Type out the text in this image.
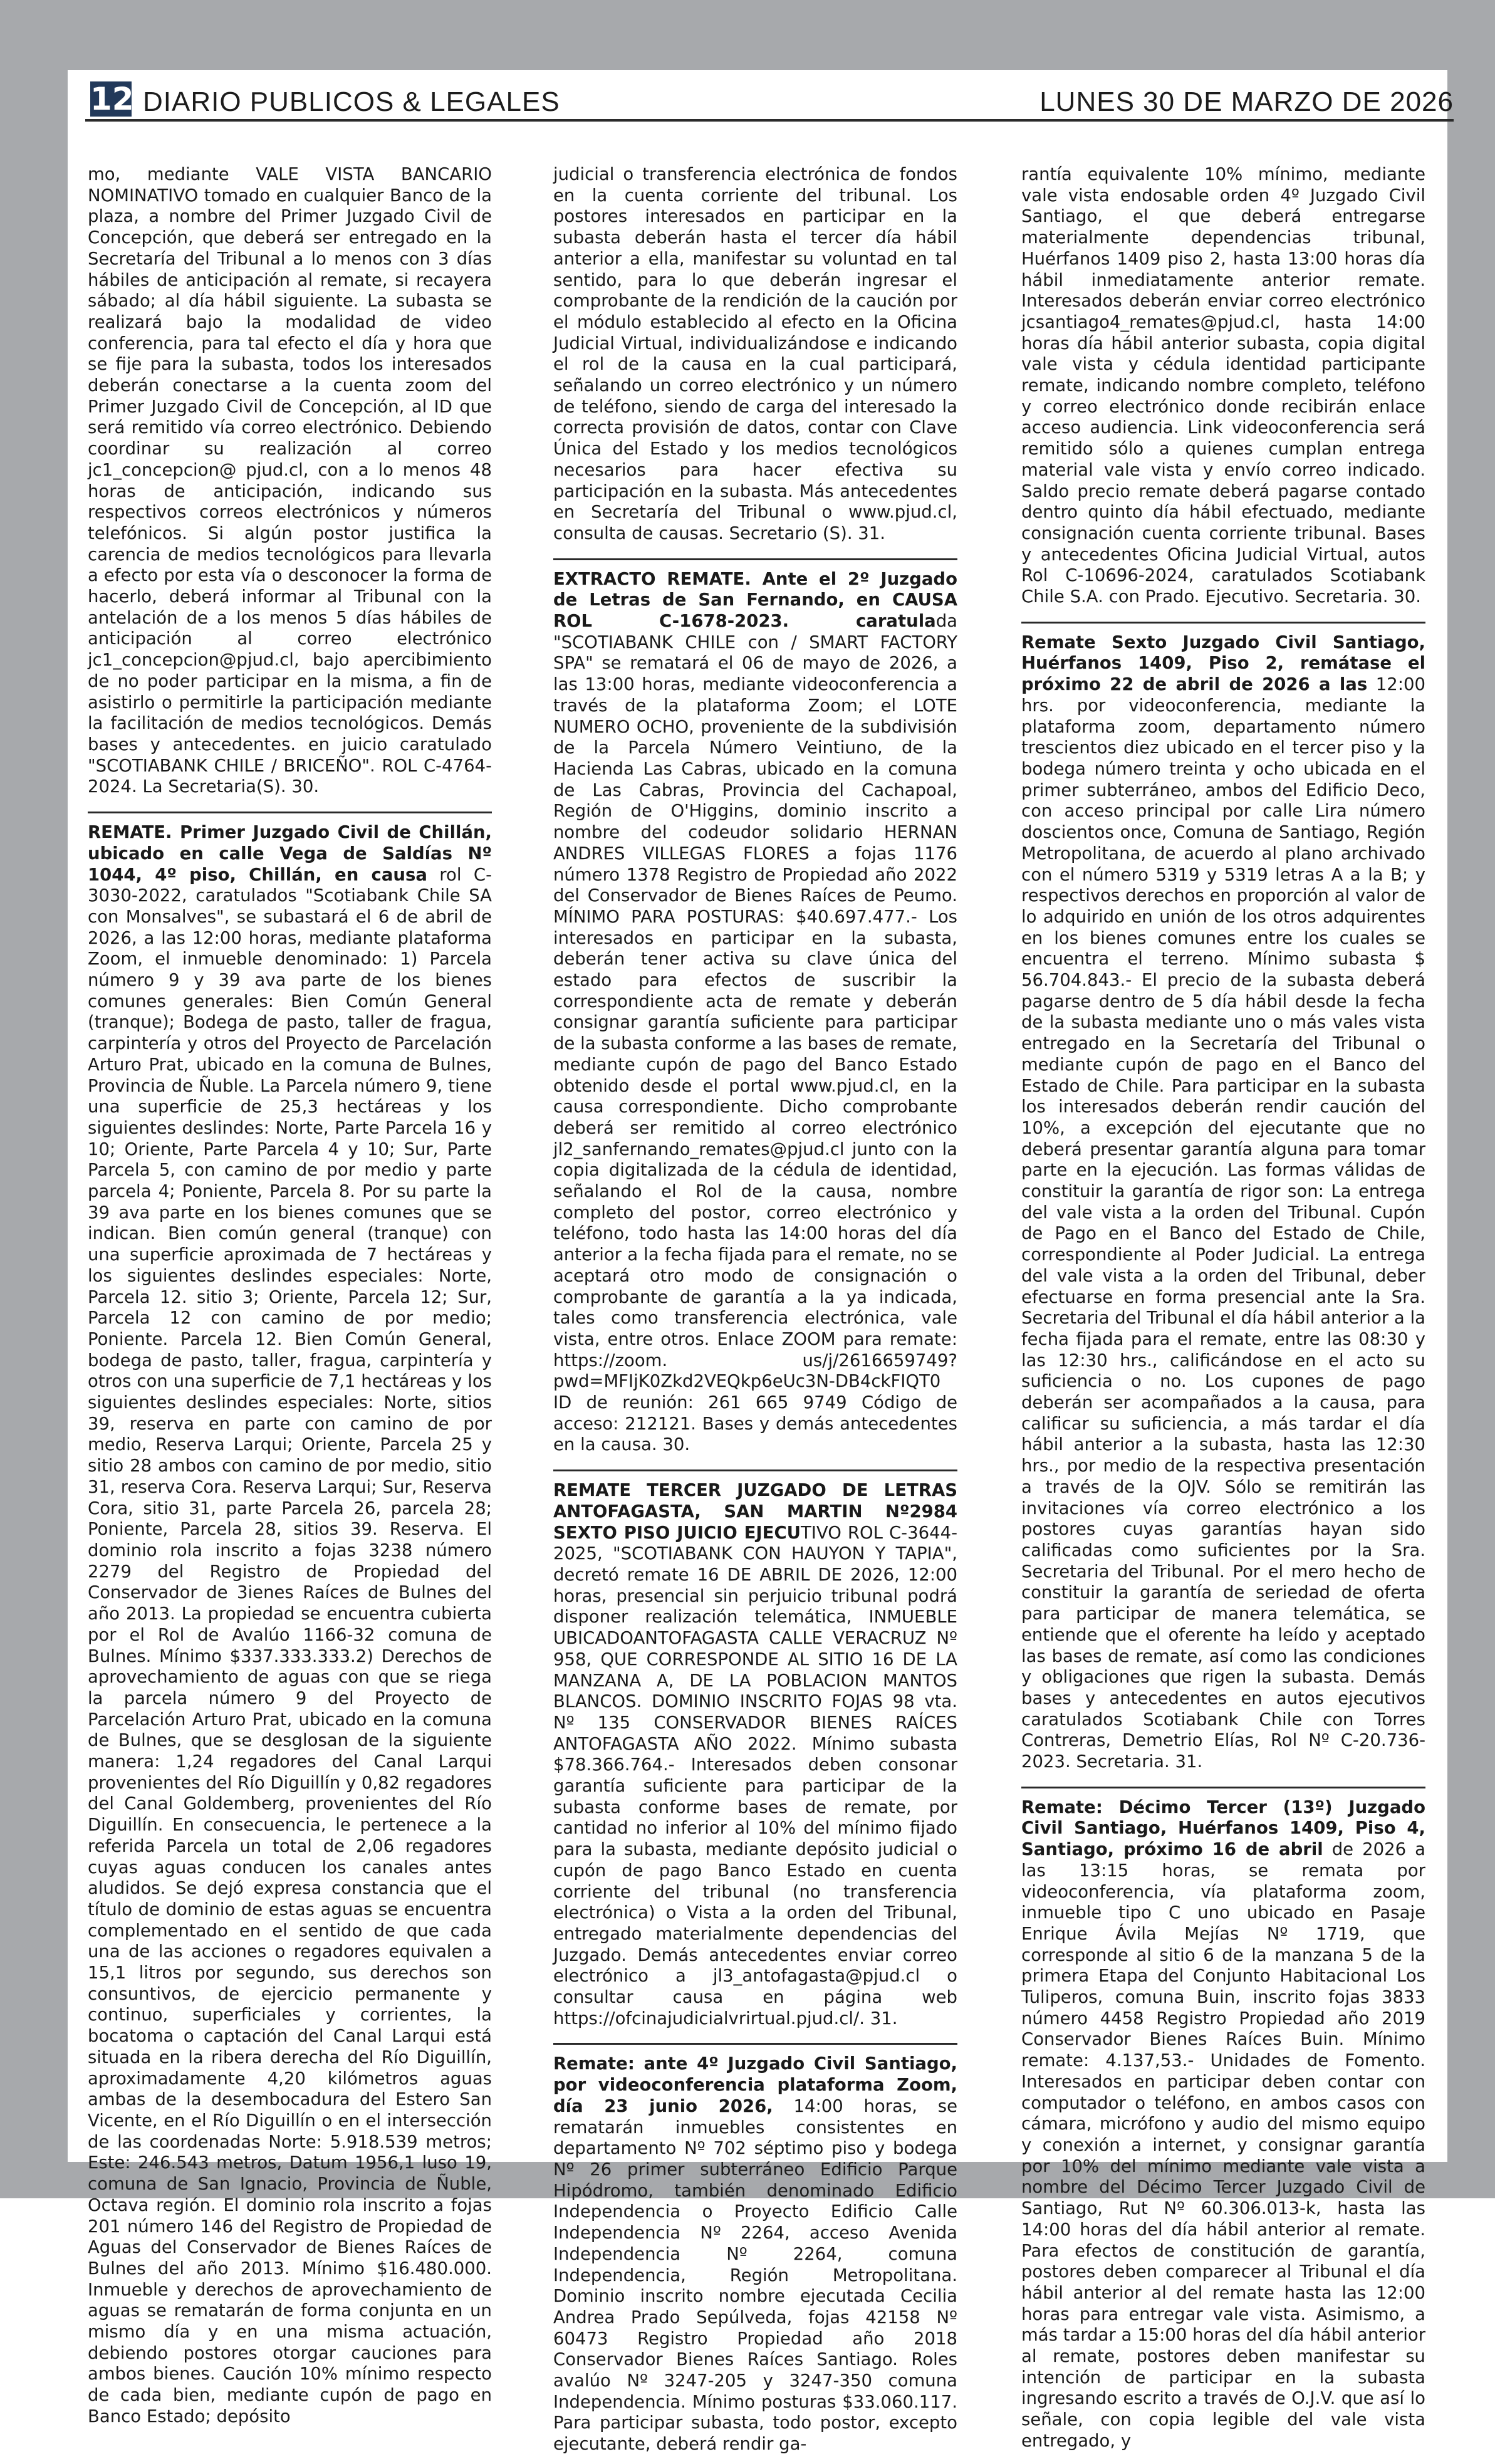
12 DIARIO PUBLICOS & LEGALES	LUNES 30 DE MARZO DE 2026

mo, mediante VALE VISTA BANCARIO NOMINATIVO tomado en cualquier Banco de la plaza, a nombre del Primer Juzgado Civil de Concepción, que deberá ser entregado en la Secretaría del Tribunal a lo menos con 3 días hábiles de anticipación al remate, si recayera sábado; al día hábil siguiente. La subasta se realizará bajo la modalidad de video conferencia, para tal efecto el día y hora que se fije para la subasta, todos los interesados deberán conectarse a la cuenta zoom del Primer Juzgado Civil de Concepción, al ID que será remitido vía correo electrónico. Debiendo coordinar su realización al correo jc1_concepcion@ pjud.cl, con a lo menos 48 horas de anticipación, indicando sus respectivos correos electrónicos y números telefónicos. Si algún postor justifica la carencia de medios tecnológicos para llevarla a efecto por esta vía o desconocer la forma de hacerlo, deberá informar al Tribunal con la antelación de a los menos 5 días hábiles de anticipación al correo electrónico jc1_concepcion@pjud.cl, bajo apercibimiento de no poder participar en la misma, a fin de asistirlo o permitirle la participación mediante la facilitación de medios tecnológicos. Demás bases y antecedentes. en juicio caratulado "SCOTIABANK CHILE / BRICEÑO". ROL C-4764-2024. La Secretaria(S). 30.

REMATE. Primer Juzgado Civil de Chillán, ubicado en calle Vega de Saldías Nº 1044, 4º piso, Chillán, en causa rol C-3030-2022, caratulados "Scotiabank Chile SA con Monsalves", se subastará el 6 de abril de 2026, a las 12:00 horas, mediante plataforma Zoom, el inmueble denominado: 1) Parcela número 9 y 39 ava parte de los bienes comunes generales: Bien Común General (tranque); Bodega de pasto, taller de fragua, carpintería y otros del Proyecto de Parcelación Arturo Prat, ubicado en la comuna de Bulnes, Provincia de Ñuble. La Parcela número 9, tiene una superficie de 25,3 hectáreas y los siguientes deslindes: Norte, Parte Parcela 16 y 10; Oriente, Parte Parcela 4 y 10; Sur, Parte Parcela 5, con camino de por medio y parte parcela 4; Poniente, Parcela 8. Por su parte la 39 ava parte en los bienes comunes que se indican. Bien común general (tranque) con una superficie aproximada de 7 hectáreas y los siguientes deslindes especiales: Norte, Parcela 12. sitio 3; Oriente, Parcela 12; Sur, Parcela 12 con camino de por medio; Poniente. Parcela 12. Bien Común General, bodega de pasto, taller, fragua, carpintería y otros con una superficie de 7,1 hectáreas y los siguientes deslindes especiales: Norte, sitios 39, reserva en parte con camino de por medio, Reserva Larqui; Oriente, Parcela 25 y sitio 28 ambos con camino de por medio, sitio 31, reserva Cora. Reserva Larqui; Sur, Reserva Cora, sitio 31, parte Parcela 26, parcela 28; Poniente, Parcela 28, sitios 39. Reserva. El dominio rola inscrito a fojas 3238 número 2279 del Registro de Propiedad del Conservador de 3ienes Raíces de Bulnes del año 2013. La propiedad se encuentra cubierta por el Rol de Avalúo 1166-32 comuna de Bulnes. Mínimo $337.333.333.2) Derechos de aprovechamiento de aguas con que se riega la parcela número 9 del Proyecto de Parcelación Arturo Prat, ubicado en la comuna de Bulnes, que se desglosan de la siguiente manera: 1,24 regadores del Canal Larqui provenientes del Río Diguillín y 0,82 regadores del Canal Goldemberg, provenientes del Río Diguillín. En consecuencia, le pertenece a la referida Parcela un total de 2,06 regadores cuyas aguas conducen los canales antes aludidos. Se dejó expresa constancia que el título de dominio de estas aguas se encuentra complementado en el sentido de que cada una de las acciones o regadores equivalen a 15,1 litros por segundo, sus derechos son consuntivos, de ejercicio permanente y continuo, superficiales y corrientes, la bocatoma o captación del Canal Larqui está situada en la ribera derecha del Río Diguillín, aproximadamente 4,20 kilómetros aguas ambas de la desembocadura del Estero San Vicente, en el Río Diguillín o en el intersección de las coordenadas Norte: 5.918.539 metros; Este: 246.543 metros, Datum 1956,1 luso 19, comuna de San Ignacio, Provincia de Ñuble, Octava región. El dominio rola inscrito a fojas 201 número 146 del Registro de Propiedad de Aguas del Conservador de Bienes Raíces de Bulnes del año 2013. Mínimo $16.480.000. Inmueble y derechos de aprovechamiento de aguas se rematarán de forma conjunta en un mismo día y en una misma actuación, debiendo postores otorgar cauciones para ambos bienes. Caución 10% mínimo respecto de cada bien, mediante cupón de pago en Banco Estado; depósito

judicial o transferencia electrónica de fondos en la cuenta corriente del tribunal. Los postores interesados en participar en la subasta deberán hasta el tercer día hábil anterior a ella, manifestar su voluntad en tal sentido, para lo que deberán ingresar el comprobante de la rendición de la caución por el módulo establecido al efecto en la Oficina Judicial Virtual, individualizándose e indicando el rol de la causa en la cual participará, señalando un correo electrónico y un número de teléfono, siendo de carga del interesado la correcta provisión de datos, contar con Clave Única del Estado y los medios tecnológicos necesarios para hacer efectiva su participación en la subasta. Más antecedentes en Secretaría del Tribunal o www.pjud.cl, consulta de causas. Secretario (S). 31.

EXTRACTO REMATE. Ante el 2º Juzgado de Letras de San Fernando, en CAUSA ROL C-1678-2023. caratulada "SCOTIABANK CHILE con / SMART FACTORY SPA" se rematará el 06 de mayo de 2026, a las 13:00 horas, mediante videoconferencia a través de la plataforma Zoom; el LOTE NUMERO OCHO, proveniente de la subdivisión de la Parcela Número Veintiuno, de la Hacienda Las Cabras, ubicado en la comuna de Las Cabras, Provincia del Cachapoal, Región de O'Higgins, dominio inscrito a nombre del codeudor solidario HERNAN ANDRES VILLEGAS FLORES a fojas 1176 número 1378 Registro de Propiedad año 2022 del Conservador de Bienes Raíces de Peumo. MÍNIMO PARA POSTURAS: $40.697.477.- Los interesados en participar en la subasta, deberán tener activa su clave única del estado para efectos de suscribir la correspondiente acta de remate y deberán consignar garantía suficiente para participar de la subasta conforme a las bases de remate, mediante cupón de pago del Banco Estado obtenido desde el portal www.pjud.cl, en la causa correspondiente. Dicho comprobante deberá ser remitido al correo electrónico jl2_sanfernando_remates@pjud.cl junto con la copia digitalizada de la cédula de identidad, señalando el Rol de la causa, nombre completo del postor, correo electrónico y teléfono, todo hasta las 14:00 horas del día anterior a la fecha fijada para el remate, no se aceptará otro modo de consignación o comprobante de garantía a la ya indicada, tales como transferencia electrónica, vale vista, entre otros. Enlace ZOOM para remate: https://zoom. us/j/2616659749?pwd=MFIjK0Zkd2VEQkp6eUc3N-DB4ckFIQT0 ID de reunión: 261 665 9749 Código de acceso: 212121. Bases y demás antecedentes en la causa. 30.

REMATE TERCER JUZGADO DE LETRAS ANTOFAGASTA, SAN MARTIN Nº2984 SEXTO PISO JUICIO EJECUTIVO ROL C-3644-2025, "SCOTIABANK CON HAUYON Y TAPIA", decretó remate 16 DE ABRIL DE 2026, 12:00 horas, presencial sin perjuicio tribunal podrá disponer realización telemática, INMUEBLE UBICADOANTOFAGASTA CALLE VERACRUZ Nº 958, QUE CORRESPONDE AL SITIO 16 DE LA MANZANA A, DE LA POBLACION MANTOS BLANCOS. DOMINIO INSCRITO FOJAS 98 vta. Nº 135 CONSERVADOR BIENES RAÍCES ANTOFAGASTA AÑO 2022. Mínimo subasta $78.366.764.- Interesados deben consonar garantía suficiente para participar de la subasta conforme bases de remate, por cantidad no inferior al 10% del mínimo fijado para la subasta, mediante depósito judicial o cupón de pago Banco Estado en cuenta corriente del tribunal (no transferencia electrónica) o Vista a la orden del Tribunal, entregado materialmente dependencias del Juzgado. Demás antecedentes enviar correo electrónico a jl3_antofagasta@pjud.cl o consultar causa en página web https://ofcinajudicialvrirtual.pjud.cl/. 31.

Remate: ante 4º Juzgado Civil Santiago, por videoconferencia plataforma Zoom, día 23 junio 2026, 14:00 horas, se rematarán inmuebles consistentes en departamento Nº 702 séptimo piso y bodega Nº 26 primer subterráneo Edificio Parque Hipódromo, también denominado Edificio Independencia o Proyecto Edificio Calle Independencia Nº 2264, acceso Avenida Independencia Nº 2264, comuna Independencia, Región Metropolitana. Dominio inscrito nombre ejecutada Cecilia Andrea Prado Sepúlveda, fojas 42158 Nº 60473 Registro Propiedad año 2018 Conservador Bienes Raíces Santiago. Roles avalúo Nº 3247-205 y 3247-350 comuna Independencia. Mínimo posturas $33.060.117. Para participar subasta, todo postor, excepto ejecutante, deberá rendir ga-

rantía equivalente 10% mínimo, mediante vale vista endosable orden 4º Juzgado Civil Santiago, el que deberá entregarse materialmente dependencias tribunal, Huérfanos 1409 piso 2, hasta 13:00 horas día hábil inmediatamente anterior remate. Interesados deberán enviar correo electrónico jcsantiago4_remates@pjud.cl, hasta 14:00 horas día hábil anterior subasta, copia digital vale vista y cédula identidad participante remate, indicando nombre completo, teléfono y correo electrónico donde recibirán enlace acceso audiencia. Link videoconferencia será remitido sólo a quienes cumplan entrega material vale vista y envío correo indicado. Saldo precio remate deberá pagarse contado dentro quinto día hábil efectuado, mediante consignación cuenta corriente tribunal. Bases y antecedentes Oficina Judicial Virtual, autos Rol C-10696-2024, caratulados Scotiabank Chile S.A. con Prado. Ejecutivo. Secretaria. 30.

Remate Sexto Juzgado Civil Santiago, Huérfanos 1409, Piso 2, remátase el próximo 22 de abril de 2026 a las 12:00 hrs. por videoconferencia, mediante la plataforma zoom, departamento número trescientos diez ubicado en el tercer piso y la bodega número treinta y ocho ubicada en el primer subterráneo, ambos del Edificio Deco, con acceso principal por calle Lira número doscientos once, Comuna de Santiago, Región Metropolitana, de acuerdo al plano archivado con el número 5319 y 5319 letras A a la B; y respectivos derechos en proporción al valor de lo adquirido en unión de los otros adquirentes en los bienes comunes entre los cuales se encuentra el terreno. Mínimo subasta $ 56.704.843.- El precio de la subasta deberá pagarse dentro de 5 día hábil desde la fecha de la subasta mediante uno o más vales vista entregado en la Secretaría del Tribunal o mediante cupón de pago en el Banco del Estado de Chile. Para participar en la subasta los interesados deberán rendir caución del 10%, a excepción del ejecutante que no deberá presentar garantía alguna para tomar parte en la ejecución. Las formas válidas de constituir la garantía de rigor son: La entrega del vale vista a la orden del Tribunal. Cupón de Pago en el Banco del Estado de Chile, correspondiente al Poder Judicial. La entrega del vale vista a la orden del Tribunal, deber efectuarse en forma presencial ante la Sra. Secretaria del Tribunal el día hábil anterior a la fecha fijada para el remate, entre las 08:30 y las 12:30 hrs., calificándose en el acto su suficiencia o no. Los cupones de pago deberán ser acompañados a la causa, para calificar su suficiencia, a más tardar el día hábil anterior a la subasta, hasta las 12:30 hrs., por medio de la respectiva presentación a través de la OJV. Sólo se remitirán las invitaciones vía correo electrónico a los postores cuyas garantías hayan sido calificadas como suficientes por la Sra. Secretaria del Tribunal. Por el mero hecho de constituir la garantía de seriedad de oferta para participar de manera telemática, se entiende que el oferente ha leído y aceptado las bases de remate, así como las condiciones y obligaciones que rigen la subasta. Demás bases y antecedentes en autos ejecutivos caratulados Scotiabank Chile con Torres Contreras, Demetrio Elías, Rol Nº C-20.736-2023. Secretaria. 31.

Remate: Décimo Tercer (13º) Juzgado Civil Santiago, Huérfanos 1409, Piso 4, Santiago, próximo 16 de abril de 2026 a las 13:15 horas, se remata por videoconferencia, vía plataforma zoom, inmueble tipo C uno ubicado en Pasaje Enrique Ávila Mejías Nº 1719, que corresponde al sitio 6 de la manzana 5 de la primera Etapa del Conjunto Habitacional Los Tuliperos, comuna Buin, inscrito fojas 3833 número 4458 Registro Propiedad año 2019 Conservador Bienes Raíces Buin. Mínimo remate: 4.137,53.- Unidades de Fomento. Interesados en participar deben contar con computador o teléfono, en ambos casos con cámara, micrófono y audio del mismo equipo y conexión a internet, y consignar garantía por 10% del mínimo mediante vale vista a nombre del Décimo Tercer Juzgado Civil de Santiago, Rut Nº 60.306.013-k, hasta las 14:00 horas del día hábil anterior al remate. Para efectos de constitución de garantía, postores deben comparecer al Tribunal el día hábil anterior al del remate hasta las 12:00 horas para entregar vale vista. Asimismo, a más tardar a 15:00 horas del día hábil anterior al remate, postores deben manifestar su intención de participar en la subasta ingresando escrito a través de O.J.V. que así lo señale, con copia legible del vale vista entregado, y
